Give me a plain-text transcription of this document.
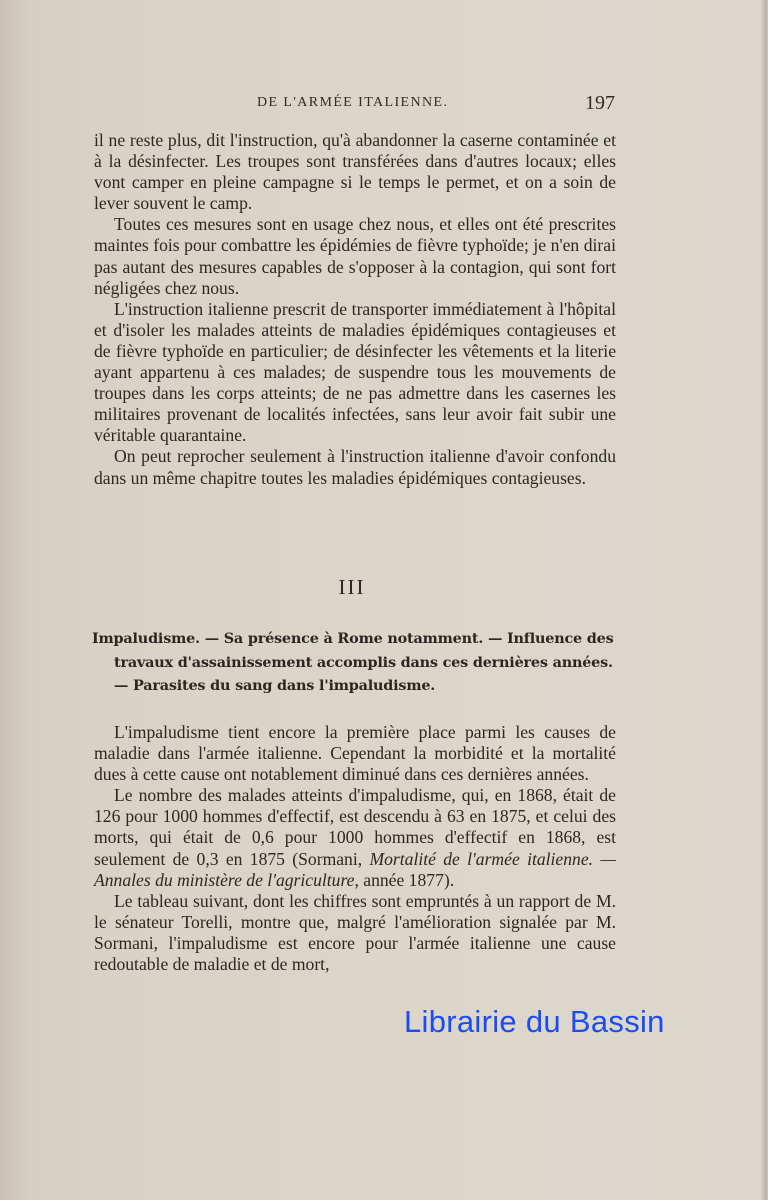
DE L'ARMÉE ITALIENNE.	197

il ne reste plus, dit l'instruction, qu'à abandonner la caserne contaminée et à la désinfecter. Les troupes sont transférées dans d'autres locaux; elles vont camper en pleine campagne si le temps le permet, et on a soin de lever souvent le camp.

Toutes ces mesures sont en usage chez nous, et elles ont été prescrites maintes fois pour combattre les épidémies de fièvre typhoïde; je n'en dirai pas autant des mesures capables de s'opposer à la contagion, qui sont fort négligées chez nous.

L'instruction italienne prescrit de transporter immédiatement à l'hôpital et d'isoler les malades atteints de maladies épidémiques contagieuses et de fièvre typhoïde en particulier; de désinfecter les vêtements et la literie ayant appartenu à ces malades; de suspendre tous les mouvements de troupes dans les corps atteints; de ne pas admettre dans les casernes les militaires provenant de localités infectées, sans leur avoir fait subir une véritable quarantaine.

On peut reprocher seulement à l'instruction italienne d'avoir confondu dans un même chapitre toutes les maladies épidémiques contagieuses.

III
Impaludisme. — Sa présence à Rome notamment. — Influence des
travaux d'assainissement accomplis dans ces dernières années.
— Parasites du sang dans l'impaludisme.

L'impaludisme tient encore la première place parmi les causes de maladie dans l'armée italienne. Cependant la morbidité et la mortalité dues à cette cause ont notablement diminué dans ces dernières années.

Le nombre des malades atteints d'impaludisme, qui, en 1868, était de 126 pour 1000 hommes d'effectif, est descendu à 63 en 1875, et celui des morts, qui était de 0,6 pour 1000 hommes d'effectif en 1868, est seulement de 0,3 en 1875 (Sormani, Mortalité de l'armée italienne. — Annales du ministère de l'agriculture, année 1877).

Le tableau suivant, dont les chiffres sont empruntés à un rapport de M. le sénateur Torelli, montre que, malgré l'amélioration signalée par M. Sormani, l'impaludisme est encore pour l'armée italienne une cause redoutable de maladie et de mort,

Librairie du Bassin
